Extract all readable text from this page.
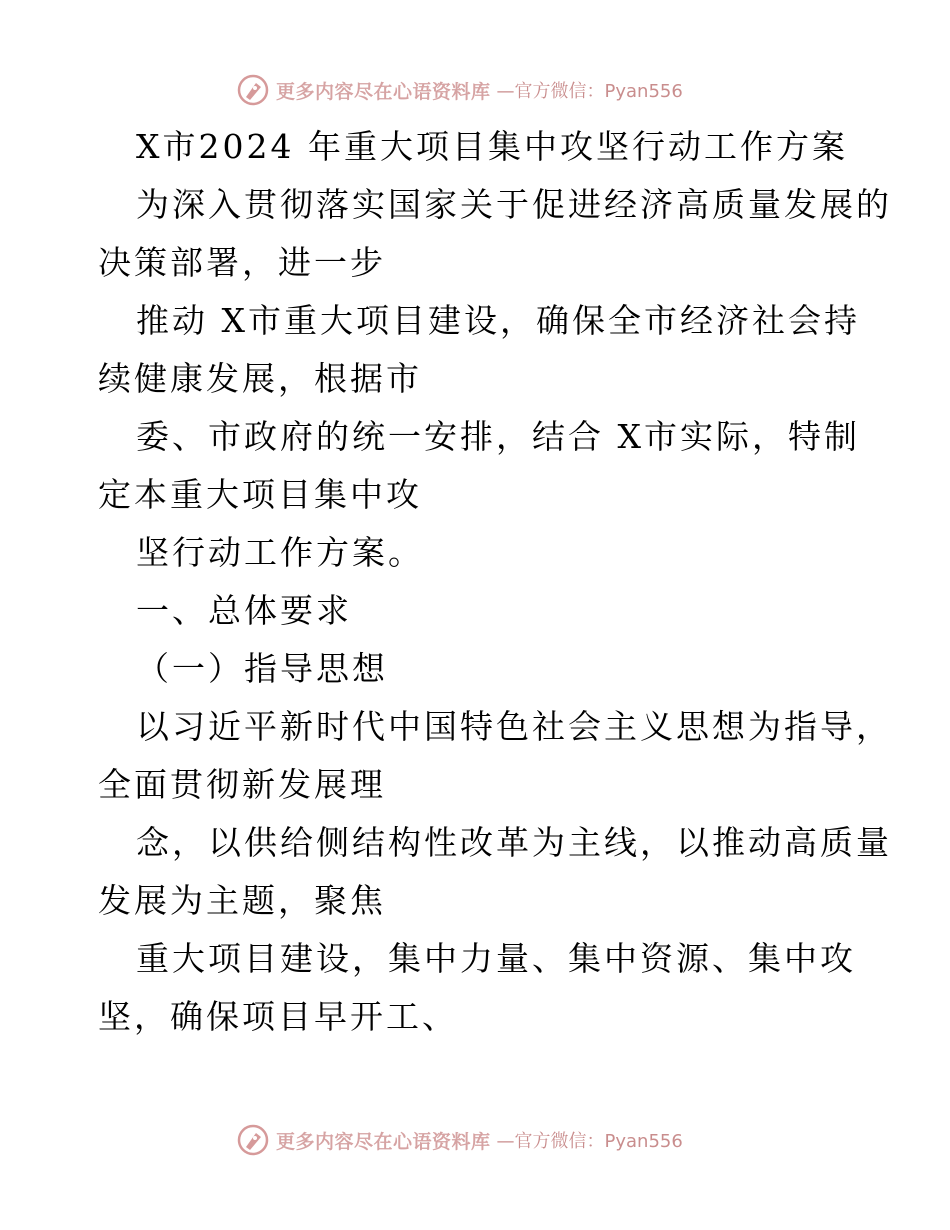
更多内容尽在心语资料库 —官方微信：Pyan556
X市2024 年重大项目集中攻坚行动工作方案
为深入贯彻落实国家关于促进经济高质量发展的
决策部署，进一步
推动 X市重大项目建设，确保全市经济社会持
续健康发展，根据市
委、市政府的统一安排，结合 X市实际，特制
定本重大项目集中攻
坚行动工作方案。
一、总体要求
（一）指导思想
以习近平新时代中国特色社会主义思想为指导，
全面贯彻新发展理
念，以供给侧结构性改革为主线，以推动高质量
发展为主题，聚焦
重大项目建设，集中力量、集中资源、集中攻
坚，确保项目早开工、
更多内容尽在心语资料库 —官方微信：Pyan556
